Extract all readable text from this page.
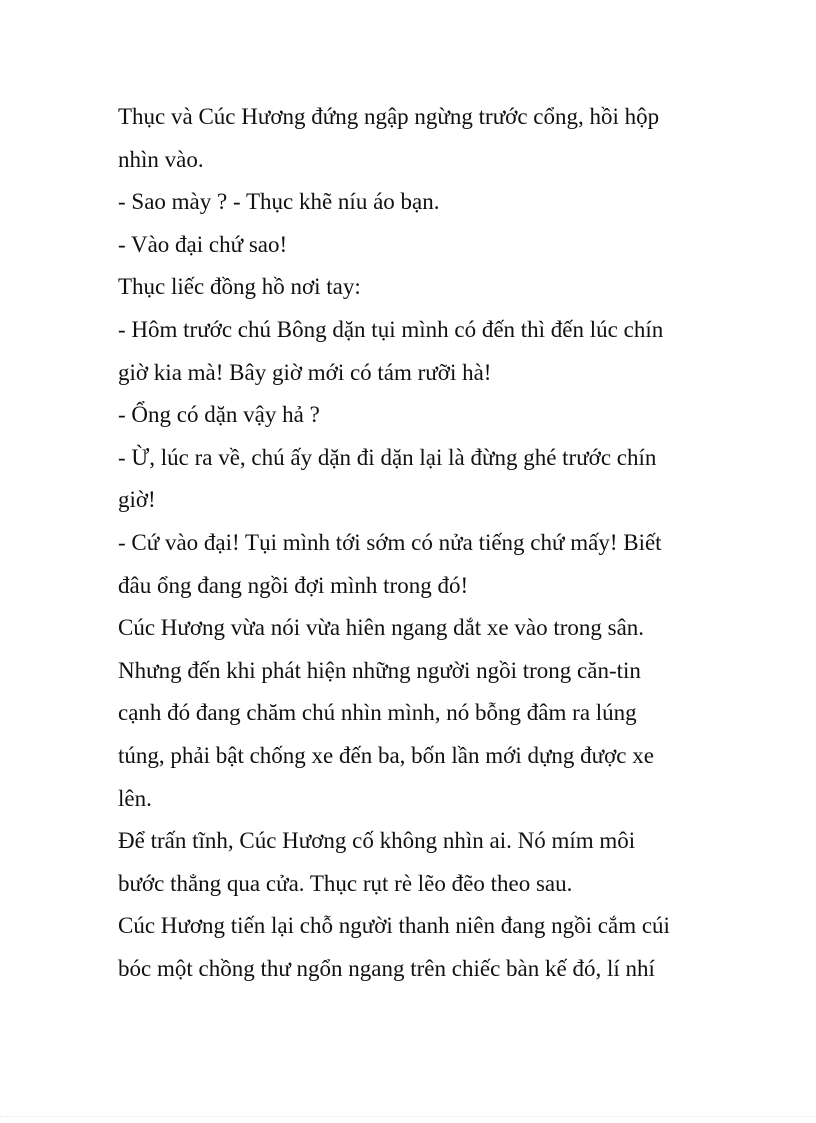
Thục và Cúc Hương đứng ngập ngừng trước cổng, hồi hộp
nhìn vào.
- Sao mày ? - Thục khẽ níu áo bạn.
- Vào đại chứ sao!
Thục liếc đồng hồ nơi tay:
- Hôm trước chú Bông dặn tụi mình có đến thì đến lúc chín
giờ kia mà! Bây giờ mới có tám rưỡi hà!
- Ổng có dặn vậy hả ?
- Ừ, lúc ra về, chú ấy dặn đi dặn lại là đừng ghé trước chín
giờ!
- Cứ vào đại! Tụi mình tới sớm có nửa tiếng chứ mấy! Biết
đâu ổng đang ngồi đợi mình trong đó!
Cúc Hương vừa nói vừa hiên ngang dắt xe vào trong sân.
Nhưng đến khi phát hiện những người ngồi trong căn-tin
cạnh đó đang chăm chú nhìn mình, nó bỗng đâm ra lúng
túng, phải bật chống xe đến ba, bốn lần mới dựng được xe
lên.
Để trấn tĩnh, Cúc Hương cố không nhìn ai. Nó mím môi
bước thẳng qua cửa. Thục rụt rè lẽo đẽo theo sau.
Cúc Hương tiến lại chỗ người thanh niên đang ngồi cắm cúi
bóc một chồng thư ngổn ngang trên chiếc bàn kế đó, lí nhí
